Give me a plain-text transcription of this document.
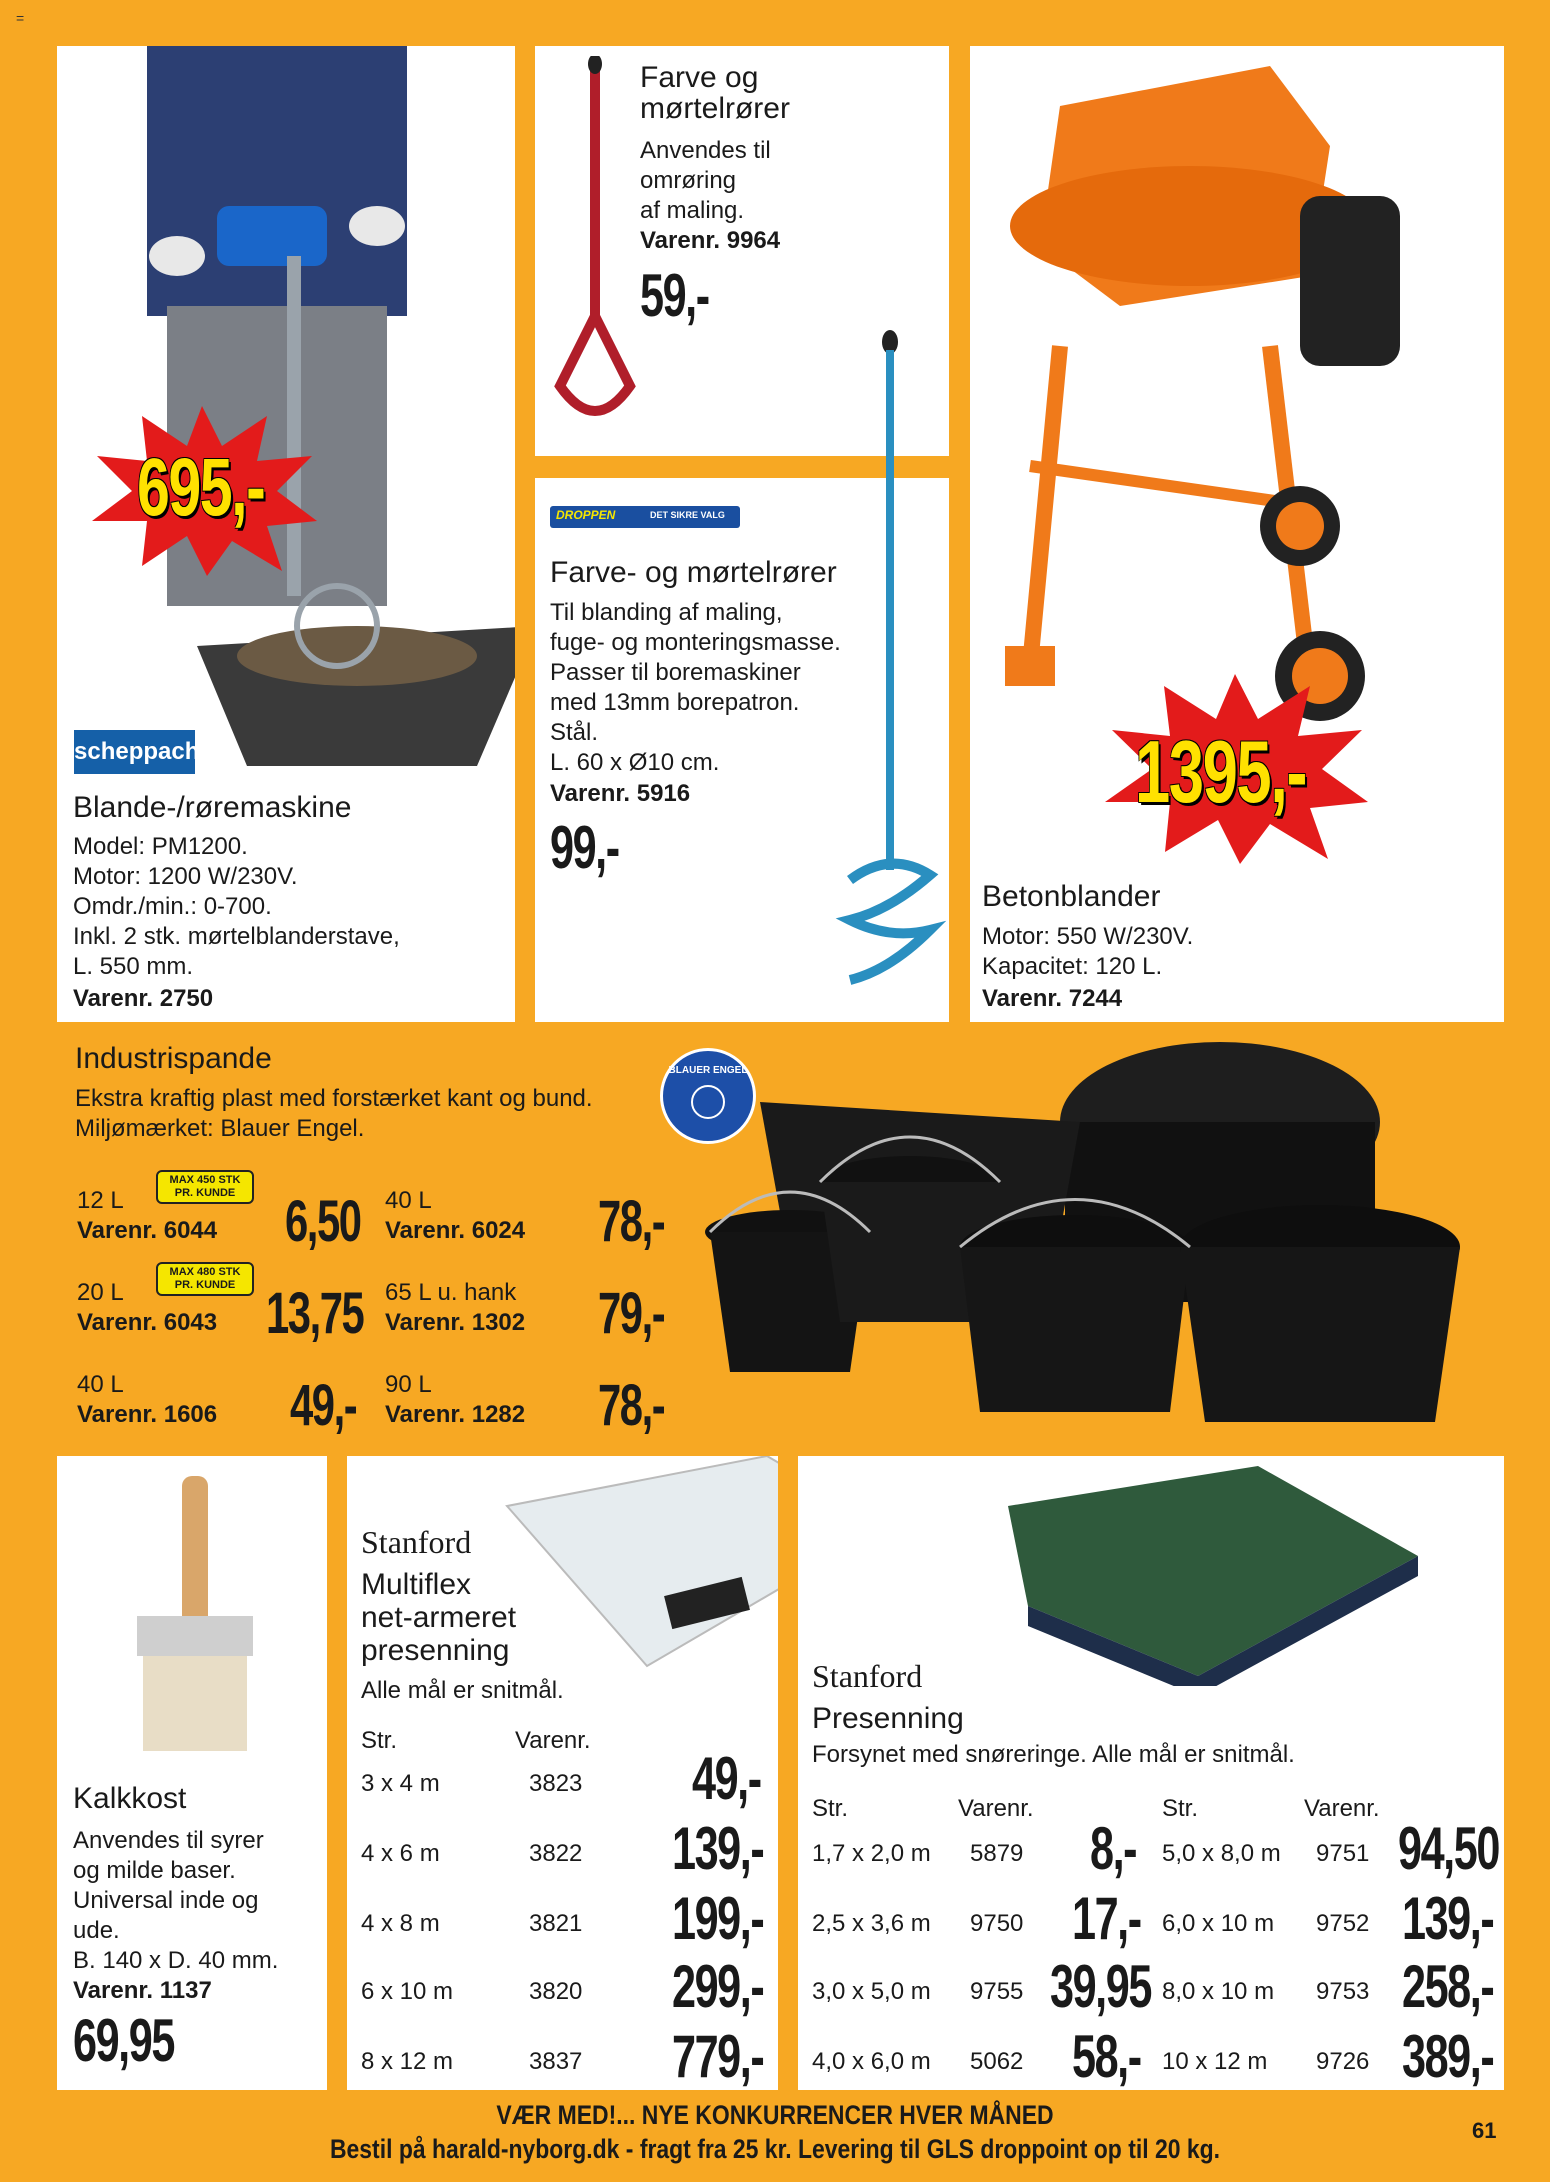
=
695,-
scheppach
Blande-/røremaskine
Model: PM1200.
Motor: 1200 W/230V.
Omdr./min.: 0-700.
Inkl. 2 stk. mørtelblanderstave,
L. 550 mm.
Varenr. 2750
Farve og
mørtelrører
Anvendes til
omrøring
af maling.
Varenr. 9964
59,-
DROPPEN	DET SIKRE VALG
Farve- og mørtelrører
Til blanding af maling,
fuge- og monteringsmasse.
Passer til boremaskiner
med 13mm borepatron.
Stål.
L. 60 x Ø10 cm.
Varenr. 5916
99,-
1395,-
Betonblander
Motor: 550 W/230V.
Kapacitet: 120 L.
Varenr. 7244
Industrispande
Ekstra kraftig plast med forstærket kant og bund.
Miljømærket: Blauer Engel.
BLAUER ENGEL
12 L
Varenr. 6044
MAX 450 STK
PR. KUNDE 6,50
20 L
Varenr. 6043
MAX 480 STK
PR. KUNDE 13,75
40 L
Varenr. 1606 49,-
40 L
Varenr. 6024 78,-
65 L u. hank
Varenr. 1302 79,-
90 L
Varenr. 1282 78,-
Kalkkost
Anvendes til syrer
og milde baser.
Universal inde og
ude.
B. 140 x D. 40 mm.
Varenr. 1137
69,95
Stanford
Multiflex
net-armeret
presenning
Alle mål er snitmål.
Str.	Varenr.
3 x 4 m	3823 49,-
4 x 6 m	3822 139,-
4 x 8 m	3821 199,-
6 x 10 m	3820 299,-
8 x 12 m	3837 779,-
Stanford
Presenning
Forsynet med snøreringe. Alle mål er snitmål.
Str.	Varenr.	Str.	Varenr.
1,7 x 2,0 m 5879 8,-
2,5 x 3,6 m 9750 17,-
3,0 x 5,0 m 9755 39,95
4,0 x 6,0 m 5062 58,-
5,0 x 8,0 m 9751 94,50
6,0 x 10 m 9752 139,-
8,0 x 10 m 9753 258,-
10 x 12 m 9726 389,-
VÆR MED!... NYE KONKURRENCER HVER MÅNED
Bestil på harald-nyborg.dk - fragt fra 25 kr. Levering til GLS droppoint op til 20 kg.
61
